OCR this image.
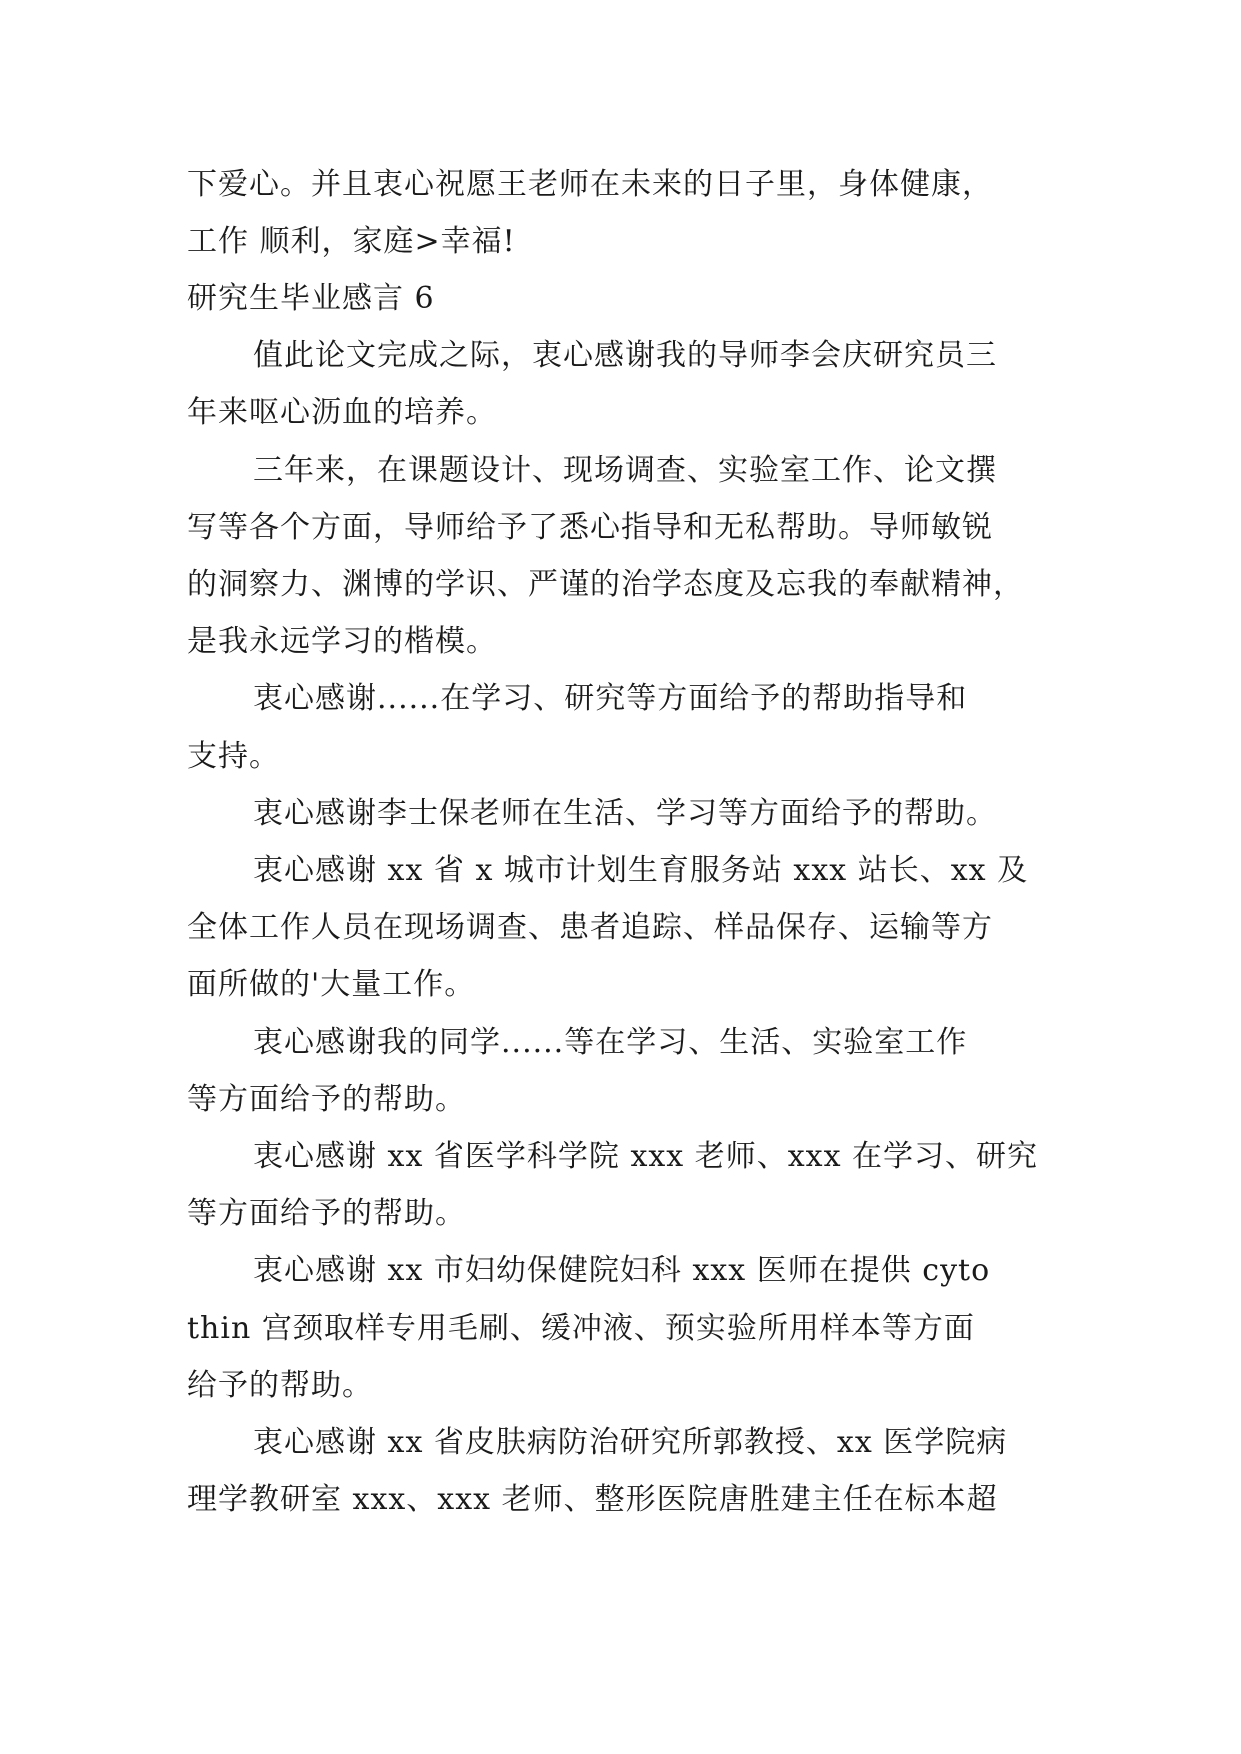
下爱心。并且衷心祝愿王老师在未来的日子里，身体健康，
工作 顺利，家庭>幸福!
研究生毕业感言 6
值此论文完成之际，衷心感谢我的导师李会庆研究员三
年来呕心沥血的培养。
三年来，在课题设计、现场调查、实验室工作、论文撰
写等各个方面，导师给予了悉心指导和无私帮助。导师敏锐
的洞察力、渊博的学识、严谨的治学态度及忘我的奉献精神，
是我永远学习的楷模。
衷心感谢......在学习、研究等方面给予的帮助指导和
支持。
衷心感谢李士保老师在生活、学习等方面给予的帮助。
衷心感谢 xx 省 x 城市计划生育服务站 xxx 站长、xx 及
全体工作人员在现场调查、患者追踪、样品保存、运输等方
面所做的'大量工作。
衷心感谢我的同学......等在学习、生活、实验室工作
等方面给予的帮助。
衷心感谢 xx 省医学科学院 xxx 老师、xxx 在学习、研究
等方面给予的帮助。
衷心感谢 xx 市妇幼保健院妇科 xxx 医师在提供 cyto
thin 宫颈取样专用毛刷、缓冲液、预实验所用样本等方面
给予的帮助。
衷心感谢 xx 省皮肤病防治研究所郭教授、xx 医学院病
理学教研室 xxx、xxx 老师、整形医院唐胜建主任在标本超
